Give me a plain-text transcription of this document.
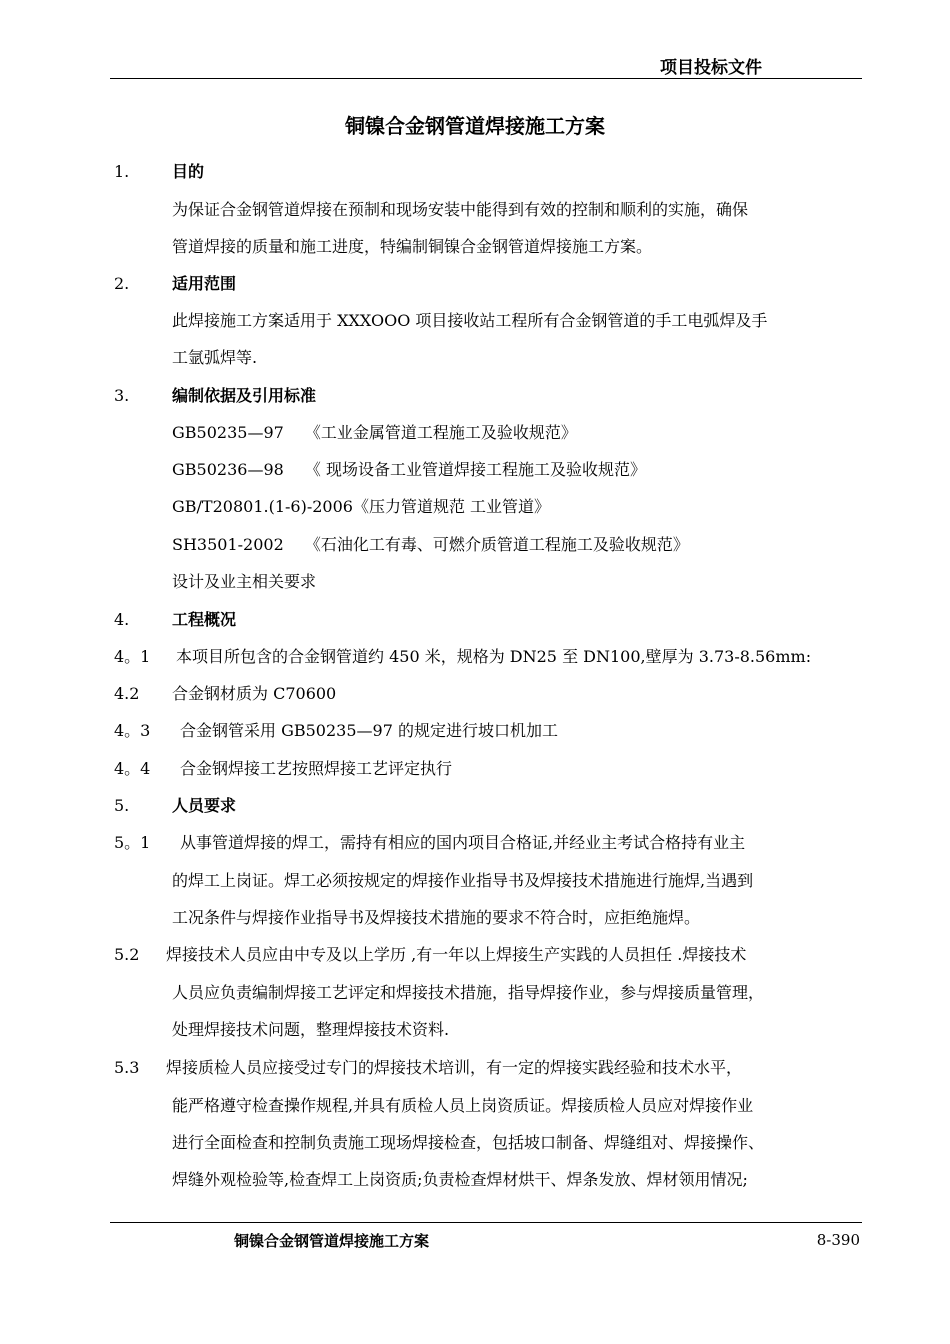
项目投标文件
铜镍合金钢管道焊接施工方案
1.	目的
为保证合金钢管道焊接在预制和现场安装中能得到有效的控制和顺利的实施，确保
管道焊接的质量和施工进度，特编制铜镍合金钢管道焊接施工方案。
2.	适用范围
此焊接施工方案适用于 XXXOOO 项目接收站工程所有合金钢管道的手工电弧焊及手
工氩弧焊等.
3.	编制依据及引用标准
GB50235—97　 《工业金属管道工程施工及验收规范》
GB50236—98　 《 现场设备工业管道焊接工程施工及验收规范》
GB/T20801.(1-6)-2006《压力管道规范 工业管道》
SH3501-2002　 《石油化工有毒、可燃介质管道工程施工及验收规范》
设计及业主相关要求
4.	工程概况
4。1 本项目所包含的合金钢管道约 450 米，规格为 DN25 至 DN100,壁厚为 3.73-8.56mm:
4.2 合金钢材质为 C70600
4。3 合金钢管采用 GB50235—97 的规定进行坡口机加工
4。4 合金钢焊接工艺按照焊接工艺评定执行
5.	人员要求
5。1 从事管道焊接的焊工，需持有相应的国内项目合格证,并经业主考试合格持有业主
的焊工上岗证。焊工必须按规定的焊接作业指导书及焊接技术措施进行施焊,当遇到
工况条件与焊接作业指导书及焊接技术措施的要求不符合时，应拒绝施焊。
5.2 焊接技术人员应由中专及以上学历 ,有一年以上焊接生产实践的人员担任 .焊接技术
人员应负责编制焊接工艺评定和焊接技术措施，指导焊接作业，参与焊接质量管理，
处理焊接技术问题，整理焊接技术资料.
5.3 焊接质检人员应接受过专门的焊接技术培训，有一定的焊接实践经验和技术水平，
能严格遵守检查操作规程,并具有质检人员上岗资质证。焊接质检人员应对焊接作业
进行全面检查和控制负责施工现场焊接检查，包括坡口制备、焊缝组对、焊接操作、
焊缝外观检验等,检查焊工上岗资质;负责检查焊材烘干、焊条发放、焊材领用情况;
铜镍合金钢管道焊接施工方案	8-390
